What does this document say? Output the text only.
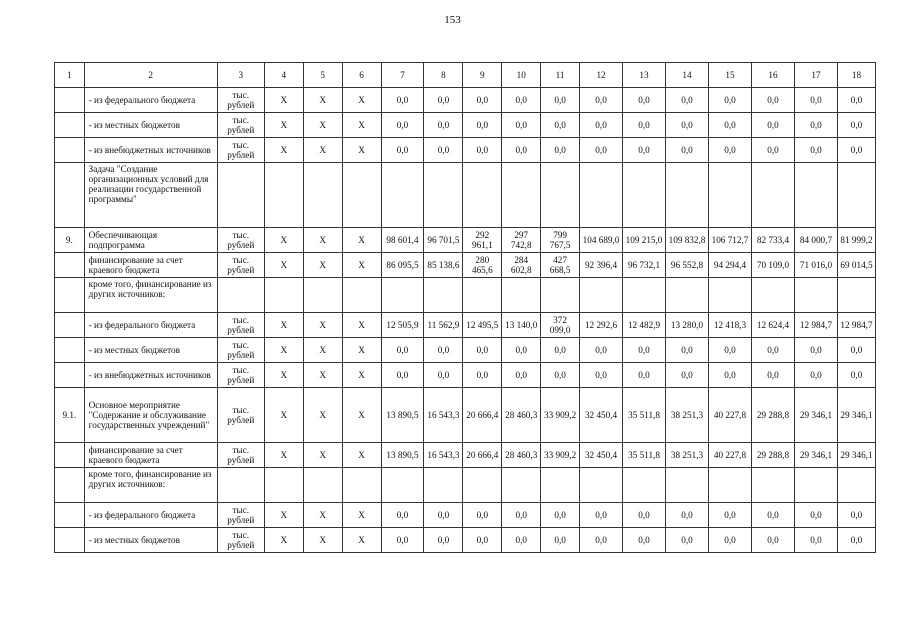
153
1	2	3	4	5	6	7	8	9	10	11	12	13	14	15	16	17	18
	- из федерального бюджета	тыс. рублей	Х	Х	Х	0,0	0,0	0,0	0,0	0,0	0,0	0,0	0,0	0,0	0,0	0,0	0,0
	- из местных бюджетов	тыс. рублей	Х	Х	Х	0,0	0,0	0,0	0,0	0,0	0,0	0,0	0,0	0,0	0,0	0,0	0,0
	- из внебюджетных источников	тыс. рублей	Х	Х	Х	0,0	0,0	0,0	0,0	0,0	0,0	0,0	0,0	0,0	0,0	0,0	0,0
	Задача "Создание организационных условий для реализации государственной программы"																
9.	Обеспечивающая подпрограмма	тыс. рублей	Х	Х	Х	98 601,4	96 701,5	292 961,1	297 742,8	799 767,5	104 689,0	109 215,0	109 832,8	106 712,7	82 733,4	84 000,7	81 999,2
	финансирование за счет краевого бюджета	тыс. рублей	Х	Х	Х	86 095,5	85 138,6	280 465,6	284 602,8	427 668,5	92 396,4	96 732,1	96 552,8	94 294,4	70 109,0	71 016,0	69 014,5
	кроме того, финансирование из других источников:																
	- из федерального бюджета	тыс. рублей	Х	Х	Х	12 505,9	11 562,9	12 495,5	13 140,0	372 099,0	12 292,6	12 482,9	13 280,0	12 418,3	12 624,4	12 984,7	12 984,7
	- из местных бюджетов	тыс. рублей	Х	Х	Х	0,0	0,0	0,0	0,0	0,0	0,0	0,0	0,0	0,0	0,0	0,0	0,0
	- из внебюджетных источников	тыс. рублей	Х	Х	Х	0,0	0,0	0,0	0,0	0,0	0,0	0,0	0,0	0,0	0,0	0,0	0,0
9.1.	Основное мероприятие "Содержание и обслуживание государственных учреждений"	тыс. рублей	Х	Х	Х	13 890,5	16 543,3	20 666,4	28 460,3	33 909,2	32 450,4	35 511,8	38 251,3	40 227,8	29 288,8	29 346,1	29 346,1
	финансирование за счет краевого бюджета	тыс. рублей	Х	Х	Х	13 890,5	16 543,3	20 666,4	28 460,3	33 909,2	32 450,4	35 511,8	38 251,3	40 227,8	29 288,8	29 346,1	29 346,1
	кроме того, финансирование из других источников:																
	- из федерального бюджета	тыс. рублей	Х	Х	Х	0,0	0,0	0,0	0,0	0,0	0,0	0,0	0,0	0,0	0,0	0,0	0,0
	- из местных бюджетов	тыс. рублей	Х	Х	Х	0,0	0,0	0,0	0,0	0,0	0,0	0,0	0,0	0,0	0,0	0,0	0,0
